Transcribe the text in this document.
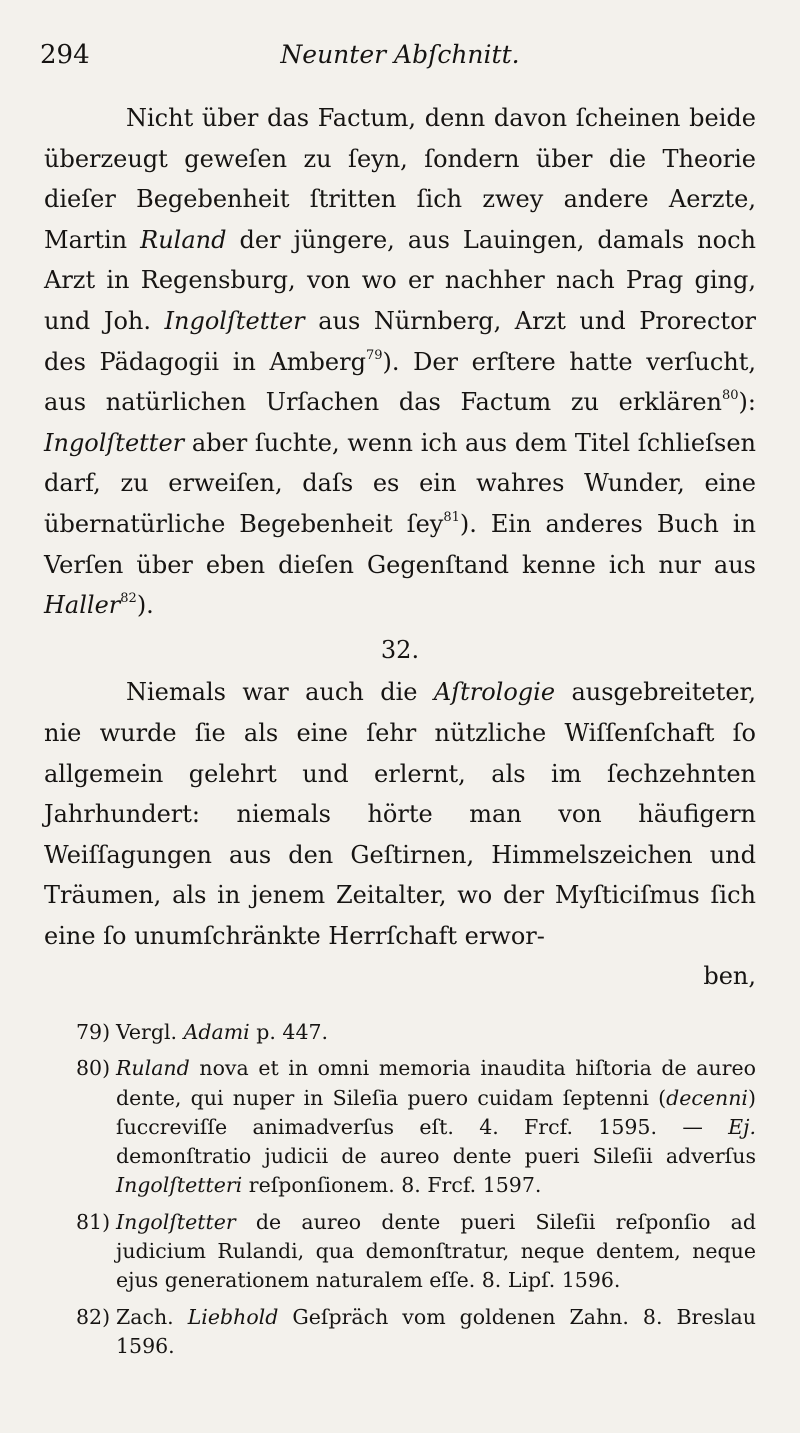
294	Neunter Abſchnitt.

Nicht über das Factum, denn davon ſcheinen beide überzeugt geweſen zu ſeyn, ſondern über die Theorie dieſer Begebenheit ſtritten ſich zwey andere Aerzte, Martin Ruland der jüngere, aus Lauingen, damals noch Arzt in Regensburg, von wo er nachher nach Prag ging, und Joh. Ingolſtetter aus Nürnberg, Arzt und Prorector des Pädagogii in Amberg$^{79}$). Der erſtere hatte verſucht, aus natürlichen Urſachen das Factum zu erklären$^{80}$): Ingolſtetter aber ſuchte, wenn ich aus dem Titel ſchlieſsen darf, zu erweiſen, daſs es ein wahres Wunder, eine übernatürliche Begebenheit ſey$^{81}$). Ein anderes Buch in Verſen über eben dieſen Gegenſtand kenne ich nur aus Haller$^{82}$).

32.

Niemals war auch die Aſtrologie ausgebreiteter, nie wurde ſie als eine ſehr nützliche Wiſſenſchaft ſo allgemein gelehrt und erlernt, als im ſechzehnten Jahrhundert: niemals hörte man von häufigern Weiſſagungen aus den Geſtirnen, Himmelszeichen und Träumen, als in jenem Zeitalter, wo der Myſticiſmus ſich eine ſo unumſchränkte Herrſchaft erwor-

ben,

79) Vergl. Adami p. 447.

80) Ruland nova et in omni memoria inaudita hiſtoria de aureo dente, qui nuper in Sileſia puero cuidam ſeptenni (decenni) ſuccreviſſe animadverſus eſt. 4. Frcf. 1595. — Ej. demonſtratio judicii de aureo dente pueri Sileſii adverſus Ingolſtetteri reſponſionem. 8. Frcf. 1597.

81) Ingolſtetter de aureo dente pueri Sileſii reſponſio ad judicium Rulandi, qua demonſtratur, neque dentem, neque ejus generationem naturalem eſſe. 8. Lipſ. 1596.

82) Zach. Liebhold Geſpräch vom goldenen Zahn. 8. Breslau 1596.
